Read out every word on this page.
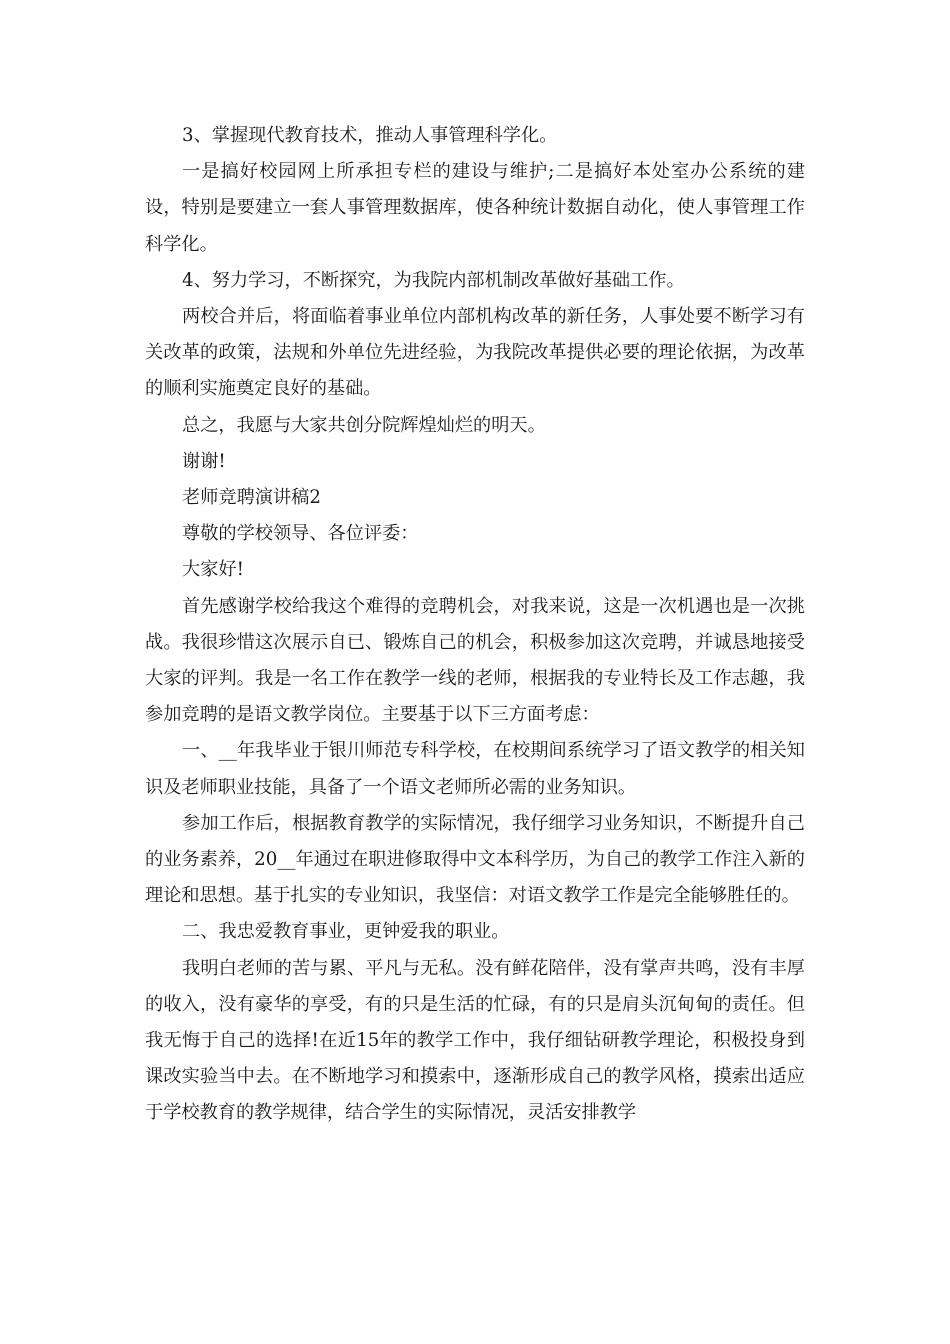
3、掌握现代教育技术，推动人事管理科学化。

一是搞好校园网上所承担专栏的建设与维护;二是搞好本处室办公系统的建设，特别是要建立一套人事管理数据库，使各种统计数据自动化，使人事管理工作科学化。

4、努力学习，不断探究，为我院内部机制改革做好基础工作。

两校合并后，将面临着事业单位内部机构改革的新任务，人事处要不断学习有关改革的政策，法规和外单位先进经验，为我院改革提供必要的理论依据，为改革的顺利实施奠定良好的基础。

总之，我愿与大家共创分院辉煌灿烂的明天。

谢谢!

老师竞聘演讲稿2

尊敬的学校领导、各位评委：

大家好!

首先感谢学校给我这个难得的竞聘机会，对我来说，这是一次机遇也是一次挑战。我很珍惜这次展示自已、锻炼自己的机会，积极参加这次竞聘，并诚恳地接受大家的评判。我是一名工作在教学一线的老师，根据我的专业特长及工作志趣，我参加竞聘的是语文教学岗位。主要基于以下三方面考虑：

一、__年我毕业于银川师范专科学校，在校期间系统学习了语文教学的相关知识及老师职业技能，具备了一个语文老师所必需的业务知识。

参加工作后，根据教育教学的实际情况，我仔细学习业务知识，不断提升自己的业务素养，20__年通过在职进修取得中文本科学历，为自己的教学工作注入新的理论和思想。基于扎实的专业知识，我坚信：对语文教学工作是完全能够胜任的。

二、我忠爱教育事业，更钟爱我的职业。

我明白老师的苦与累、平凡与无私。没有鲜花陪伴，没有掌声共鸣，没有丰厚的收入，没有豪华的享受，有的只是生活的忙碌，有的只是肩头沉甸甸的责任。但我无悔于自己的选择!在近15年的教学工作中，我仔细钻研教学理论，积极投身到课改实验当中去。在不断地学习和摸索中，逐渐形成自己的教学风格，摸索出适应于学校教育的教学规律，结合学生的实际情况，灵活安排教学
